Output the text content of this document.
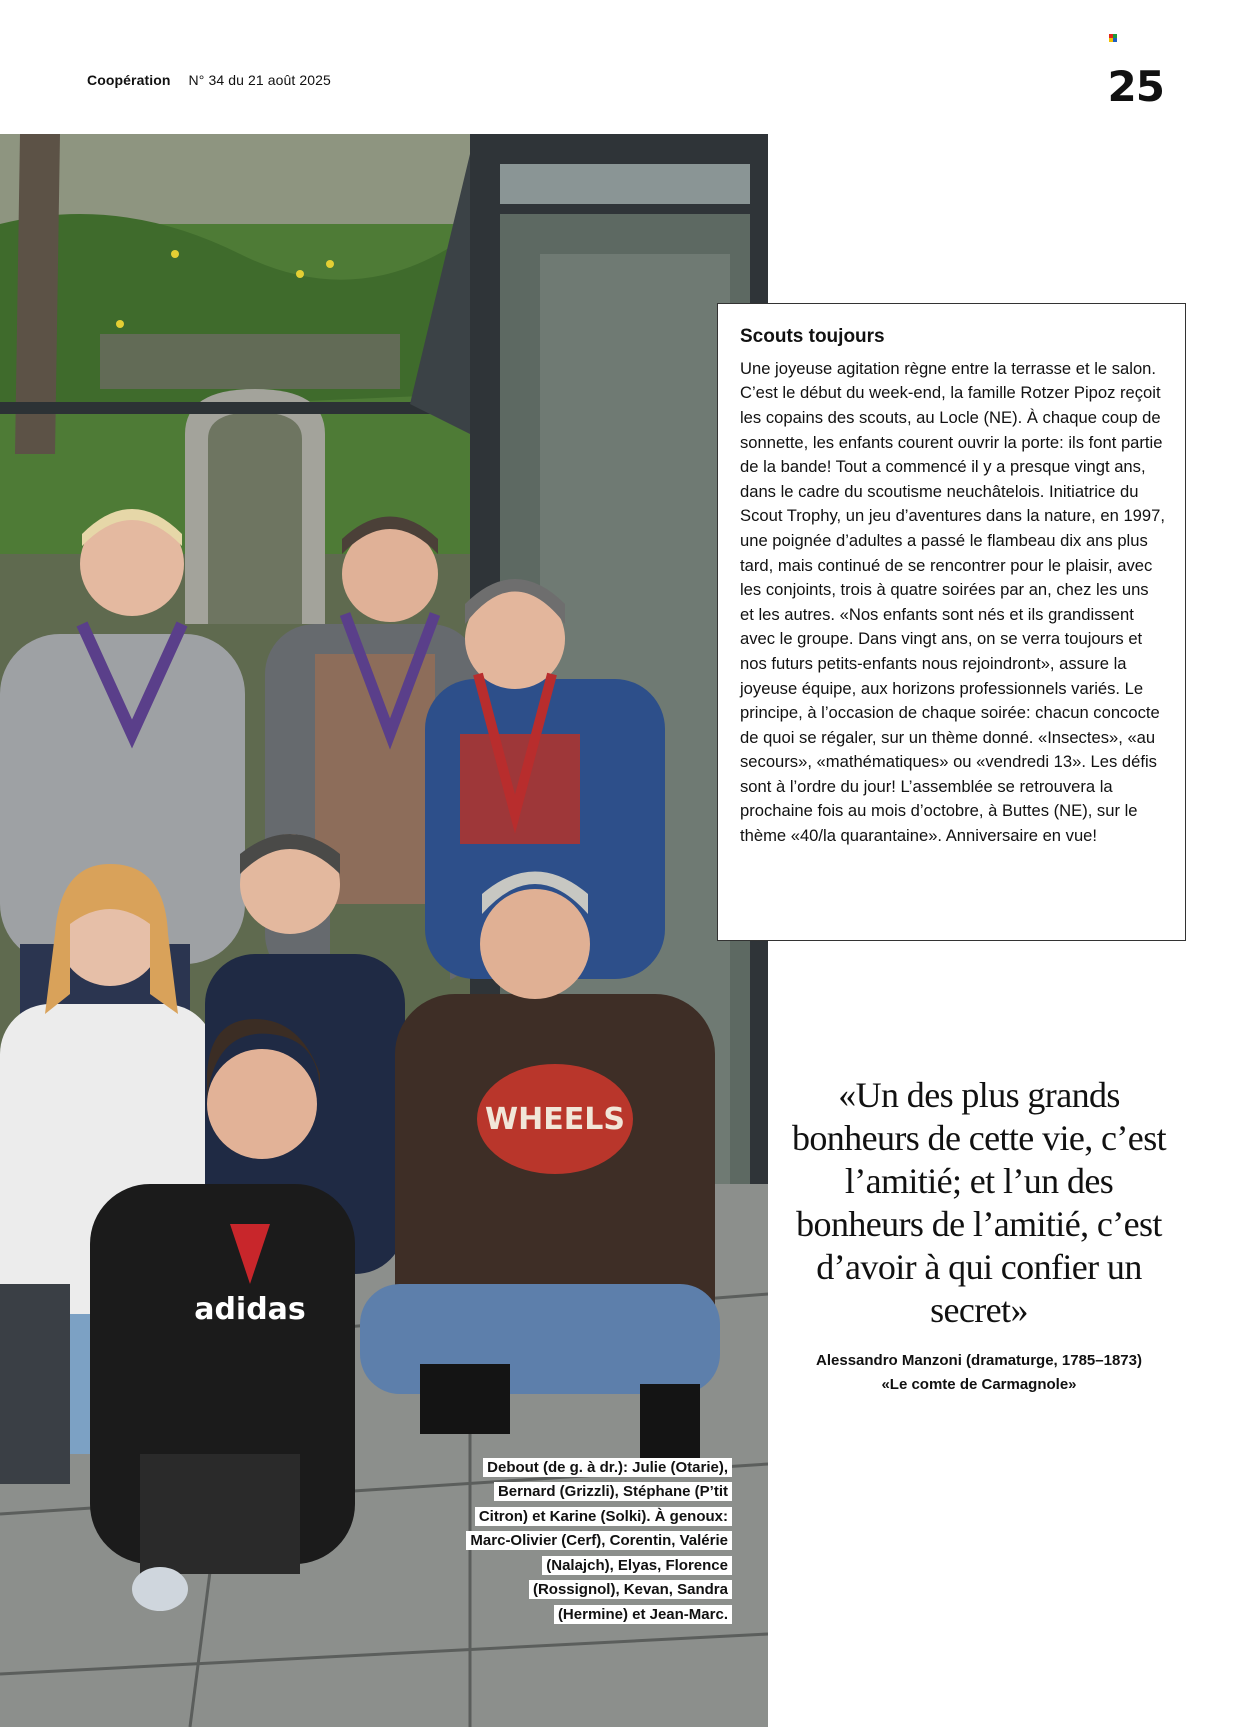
Coopération N° 34 du 21 août 2025	25
WHEELS
adidas
Debout (de g. à dr.): Julie (Otarie), Bernard (Grizzli), Stéphane (P’tit Citron) et Karine (Solki). À genoux: Marc-Olivier (Cerf), Corentin, Valérie (Nalajch), Elyas, Florence (Rossignol), Kevan, Sandra (Hermine) et Jean-Marc.
Scouts toujours

Une joyeuse agitation règne entre la terrasse et le salon. C’est le début du week-end, la famille Rotzer Pipoz reçoit les copains des scouts, au Locle (NE). À chaque coup de sonnette, les enfants courent ouvrir la porte: ils font partie de la bande! Tout a commencé il y a presque vingt ans, dans le cadre du scoutisme neuchâtelois. Initiatrice du Scout Trophy, un jeu d’aventures dans la nature, en 1997, une poignée d’adultes a passé le flambeau dix ans plus tard, mais continué de se rencontrer pour le plaisir, avec les conjoints, trois à quatre soirées par an, chez les uns et les autres. «Nos enfants sont nés et ils grandissent avec le groupe. Dans vingt ans, on se verra toujours et nos futurs petits-enfants nous rejoindront», assure la joyeuse équipe, aux horizons professionnels variés. Le principe, à l’occasion de chaque soirée: chacun concocte de quoi se régaler, sur un thème donné. «Insectes», «au secours», «mathématiques» ou «vendredi 13». Les défis sont à l’ordre du jour! L’assemblée se retrouvera la prochaine fois au mois d’octobre, à Buttes (NE), sur le thème «40/la quarantaine». Anniversaire en vue!

«Un des plus grands bonheurs de cette vie, c’est l’amitié; et l’un des bonheurs de l’amitié, c’est d’avoir à qui confier un secret»
Alessandro Manzoni (dramaturge, 1785–1873)
«Le comte de Carmagnole»
